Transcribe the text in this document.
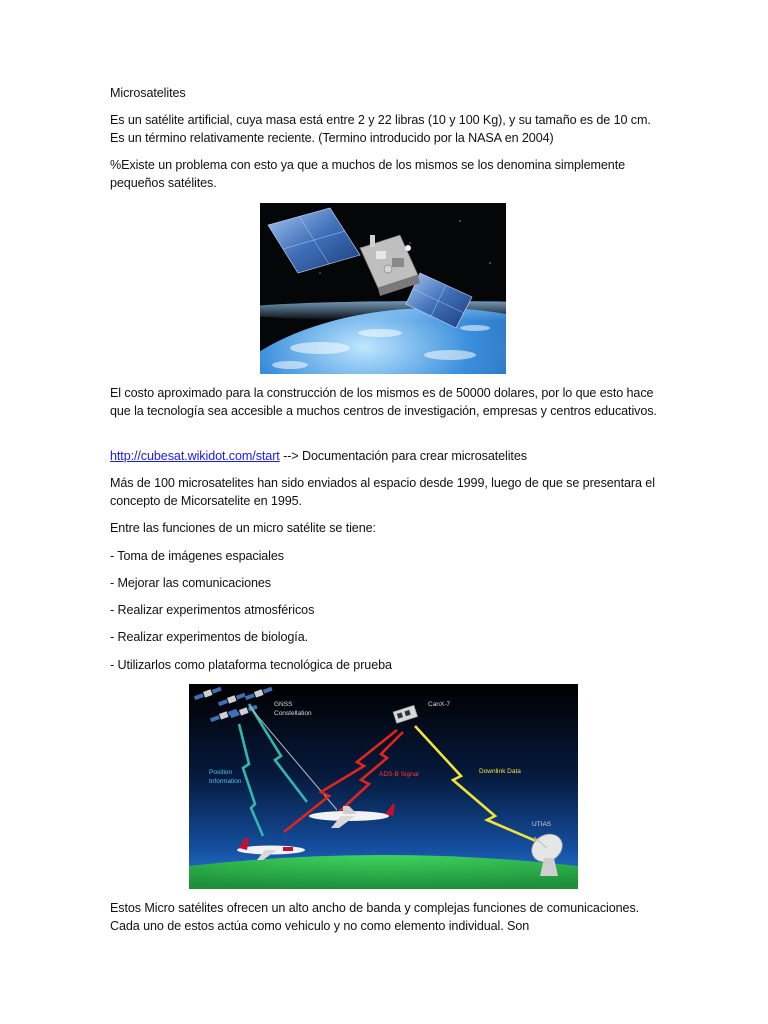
Microsatelites

Es un satélite artificial, cuya masa está entre 2 y 22 libras (10 y 100 Kg), y su tamaño es de 10 cm. Es un término relativamente reciente. (Termino introducido por la NASA en 2004)

%Existe un problema con esto ya que a muchos de los mismos se los denomina simplemente pequeños satélites.

El costo aproximado para la construcción de los mismos es de 50000 dolares, por lo que esto hace que la tecnología sea accesible a muchos centros de investigación, empresas y centros educativos.

http://cubesat.wikidot.com/start --> Documentación para crear microsatelites

Más de 100 microsatelites han sido enviados al espacio desde 1999, luego de que se presentara el concepto de Micorsatelite en 1995.

Entre las funciones de un micro satélite se tiene:

- Toma de imágenes espaciales

- Mejorar las comunicaciones

- Realizar experimentos atmosféricos

- Realizar experimentos de biología.

- Utilizarlos como plataforma tecnológica de prueba

GNSS
Constellation
CanX-7
Position
Information
ADS-B Signal	Downlink Data
UTIAS

Estos Micro satélites ofrecen un alto ancho de banda y complejas funciones de comunicaciones. Cada uno de estos actúa como vehiculo y no como elemento individual. Son
